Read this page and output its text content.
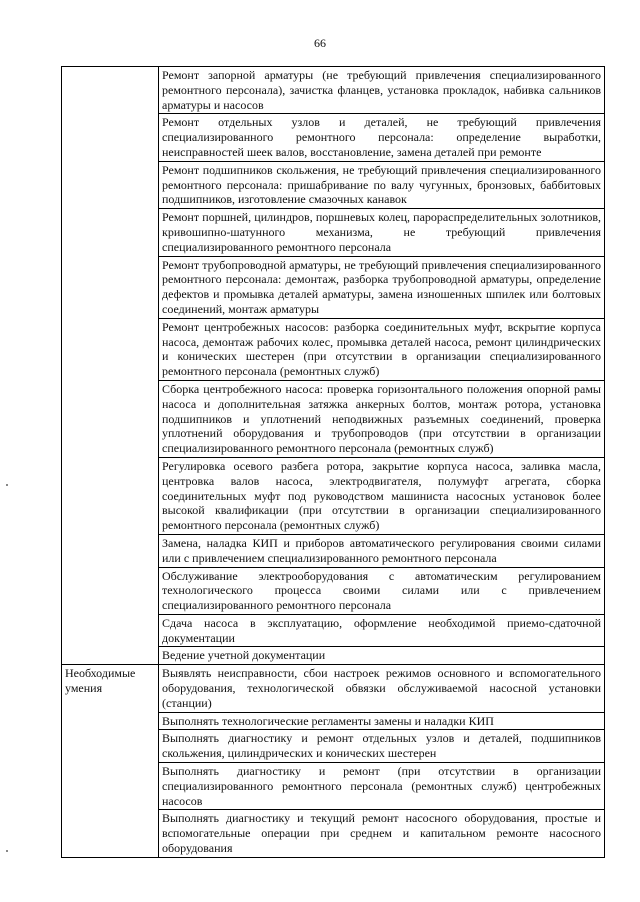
66
	Ремонт запорной арматуры (не требующий привлечения специализированного ремонтного персонала), зачистка фланцев, установка прокладок, набивка сальников арматуры и насосов
	Ремонт отдельных узлов и деталей, не требующий привлечения специализированного ремонтного персонала: определение выработки, неисправностей шеек валов, восстановление, замена деталей при ремонте
	Ремонт подшипников скольжения, не требующий привлечения специализированного ремонтного персонала: пришабривание по валу чугунных, бронзовых, баббитовых подшипников, изготовление смазочных канавок
	Ремонт поршней, цилиндров, поршневых колец, парораспределительных золотников, кривошипно-шатунного механизма, не требующий привлечения специализированного ремонтного персонала
	Ремонт трубопроводной арматуры, не требующий привлечения специализированного ремонтного персонала: демонтаж, разборка трубопроводной арматуры, определение дефектов и промывка деталей арматуры, замена изношенных шпилек или болтовых соединений, монтаж арматуры
	Ремонт центробежных насосов: разборка соединительных муфт, вскрытие корпуса насоса, демонтаж рабочих колес, промывка деталей насоса, ремонт цилиндрических и конических шестерен (при отсутствии в организации специализированного ремонтного персонала (ремонтных служб)
	Сборка центробежного насоса: проверка горизонтального положения опорной рамы насоса и дополнительная затяжка анкерных болтов, монтаж ротора, установка подшипников и уплотнений неподвижных разъемных соединений, проверка уплотнений оборудования и трубопроводов (при отсутствии в организации специализированного ремонтного персонала (ремонтных служб)
	Регулировка осевого разбега ротора, закрытие корпуса насоса, заливка масла, центровка валов насоса, электродвигателя, полумуфт агрегата, сборка соединительных муфт под руководством машиниста насосных установок более высокой квалификации (при отсутствии в организации специализированного ремонтного персонала (ремонтных служб)
	Замена, наладка КИП и приборов автоматического регулирования своими силами или с привлечением специализированного ремонтного персонала
	Обслуживание электрооборудования с автоматическим регулированием технологического процесса своими силами или с привлечением специализированного ремонтного персонала
	Сдача насоса в эксплуатацию, оформление необходимой приемо-сдаточной документации
	Ведение учетной документации
Необходимые умения	Выявлять неисправности, сбои настроек режимов основного и вспомогательного оборудования, технологической обвязки обслуживаемой насосной установки (станции)
	Выполнять технологические регламенты замены и наладки КИП
	Выполнять диагностику и ремонт отдельных узлов и деталей, подшипников скольжения, цилиндрических и конических шестерен
	Выполнять диагностику и ремонт (при отсутствии в организации специализированного ремонтного персонала (ремонтных служб) центробежных насосов
	Выполнять диагностику и текущий ремонт насосного оборудования, простые и вспомогательные операции при среднем и капитальном ремонте насосного оборудования
